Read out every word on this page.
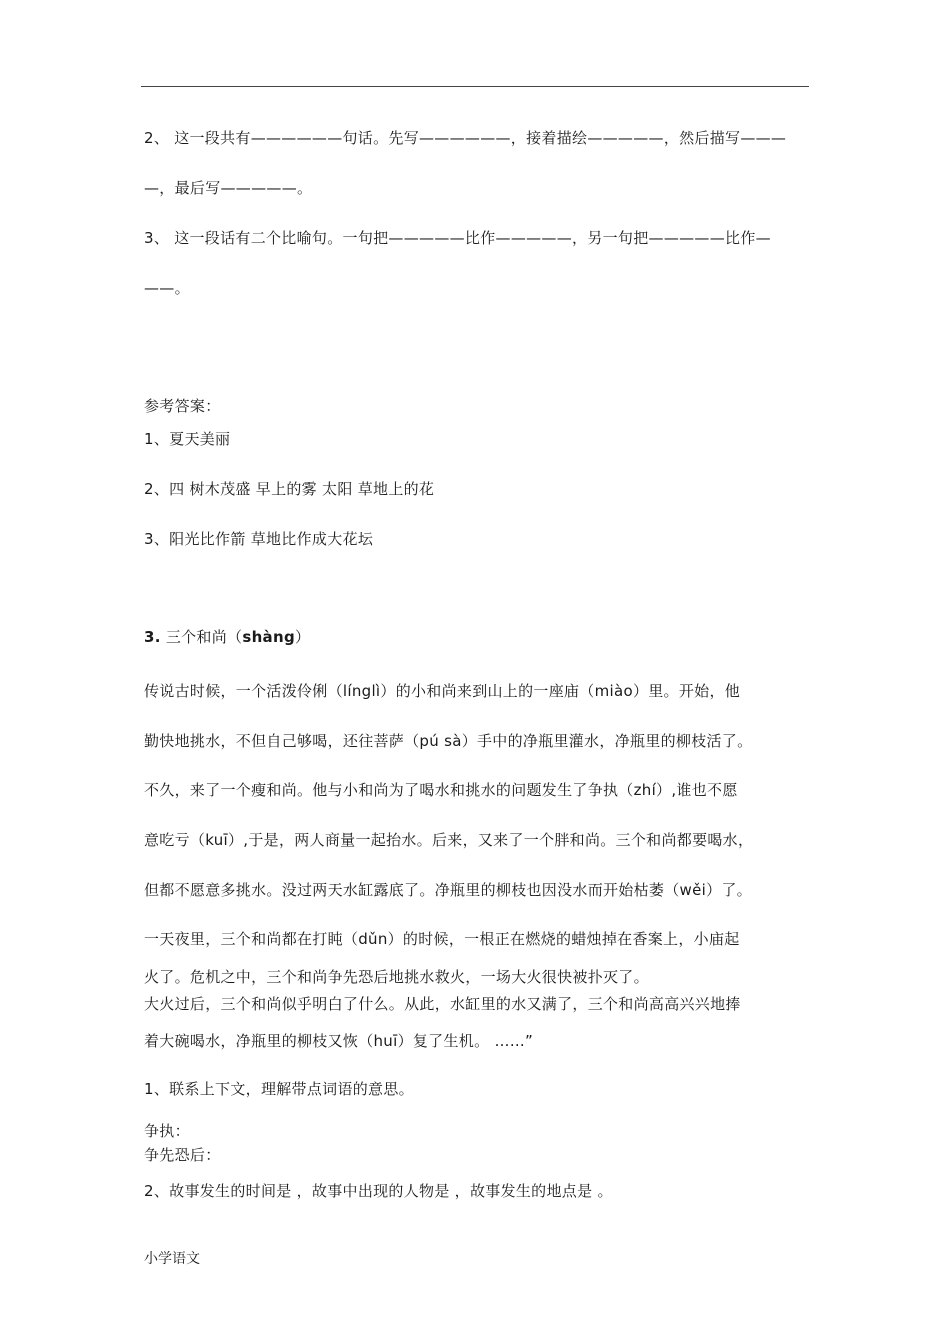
2、 这一段共有——————句话。先写——————，接着描绘—————，然后描写———
—，最后写—————。
3、 这一段话有二个比喻句。一句把—————比作—————，另一句把—————比作—
——。
参考答案：
1、夏天美丽
2、四 树木茂盛 早上的雾 太阳 草地上的花
3、阳光比作箭 草地比作成大花坛
3. 三个和尚（shàng）
传说古时候，一个活泼伶俐（línglì）的小和尚来到山上的一座庙（miào）里。开始，他
勤快地挑水，不但自己够喝，还往菩萨（pú sà）手中的净瓶里灌水，净瓶里的柳枝活了。
不久，来了一个瘦和尚。他与小和尚为了喝水和挑水的问题发生了争执（zhí）,谁也不愿
意吃亏（kuī）,于是，两人商量一起抬水。后来，又来了一个胖和尚。三个和尚都要喝水，
但都不愿意多挑水。没过两天水缸露底了。净瓶里的柳枝也因没水而开始枯萎（wěi）了。
一天夜里，三个和尚都在打盹（dǔn）的时候，一根正在燃烧的蜡烛掉在香案上，小庙起
火了。危机之中，三个和尚争先恐后地挑水救火，一场大火很快被扑灭了。
大火过后，三个和尚似乎明白了什么。从此，水缸里的水又满了，三个和尚高高兴兴地捧
着大碗喝水，净瓶里的柳枝又恢（huī）复了生机。 ……”
1、联系上下文，理解带点词语的意思。
争执：
争先恐后：
2、故事发生的时间是 ，故事中出现的人物是 ，故事发生的地点是 。
小学语文
